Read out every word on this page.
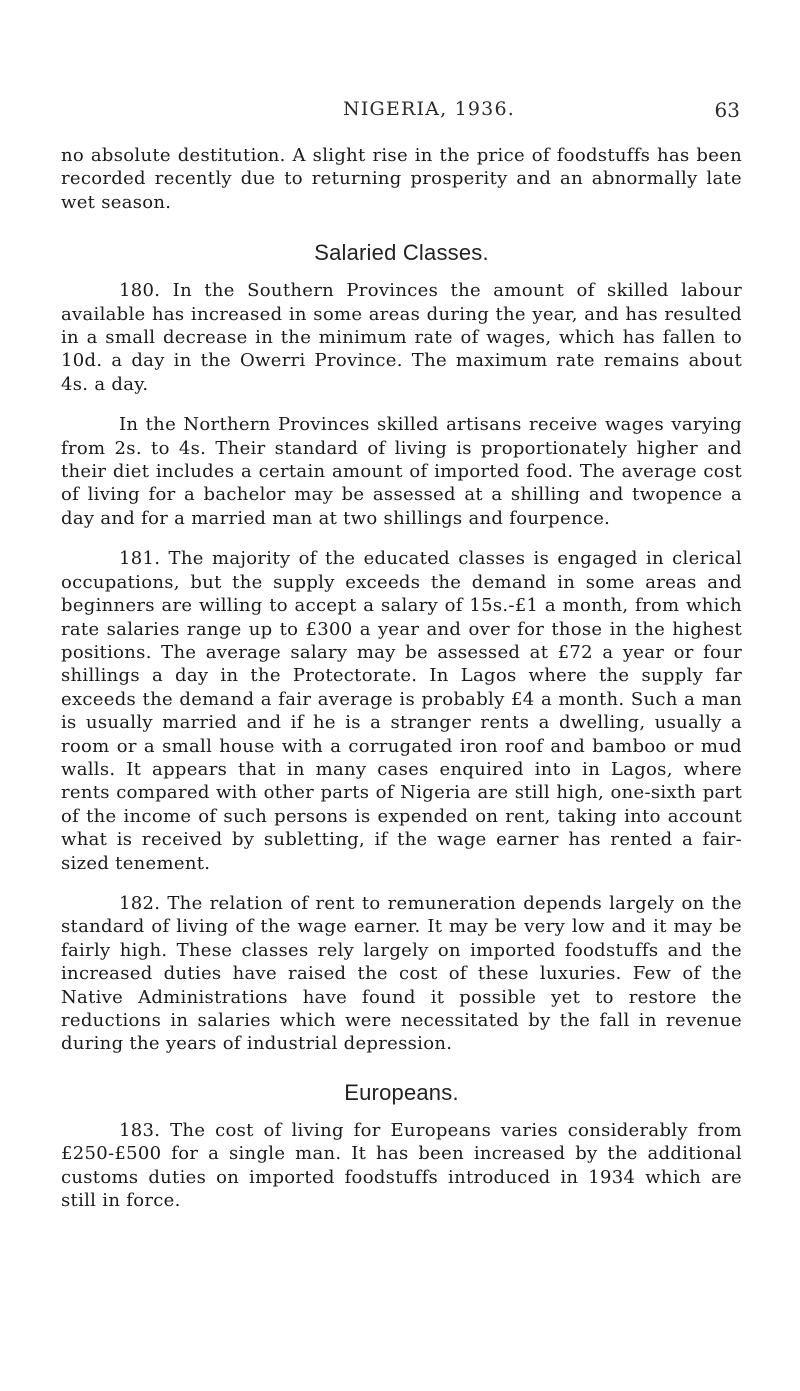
NIGERIA, 1936.	63

no absolute destitution. A slight rise in the price of foodstuffs has been recorded recently due to returning prosperity and an abnormally late wet season.

Salaried Classes.

180. In the Southern Provinces the amount of skilled labour available has increased in some areas during the year, and has resulted in a small decrease in the minimum rate of wages, which has fallen to 10d. a day in the Owerri Province. The maximum rate remains about 4s. a day.

In the Northern Provinces skilled artisans receive wages varying from 2s. to 4s. Their standard of living is proportionately higher and their diet includes a certain amount of imported food. The average cost of living for a bachelor may be assessed at a shilling and twopence a day and for a married man at two shillings and fourpence.

181. The majority of the educated classes is engaged in clerical occupations, but the supply exceeds the demand in some areas and beginners are willing to accept a salary of 15s.-£1 a month, from which rate salaries range up to £300 a year and over for those in the highest positions. The average salary may be assessed at £72 a year or four shillings a day in the Protectorate. In Lagos where the supply far exceeds the demand a fair average is probably £4 a month. Such a man is usually married and if he is a stranger rents a dwelling, usually a room or a small house with a corrugated iron roof and bamboo or mud walls. It appears that in many cases enquired into in Lagos, where rents compared with other parts of Nigeria are still high, one-sixth part of the income of such persons is expended on rent, taking into account what is received by subletting, if the wage earner has rented a fair-sized tenement.

182. The relation of rent to remuneration depends largely on the standard of living of the wage earner. It may be very low and it may be fairly high. These classes rely largely on imported foodstuffs and the increased duties have raised the cost of these luxuries. Few of the Native Administrations have found it possible yet to restore the reductions in salaries which were necessitated by the fall in revenue during the years of industrial depression.

Europeans.

183. The cost of living for Europeans varies considerably from £250-£500 for a single man. It has been increased by the additional customs duties on imported foodstuffs introduced in 1934 which are still in force.
